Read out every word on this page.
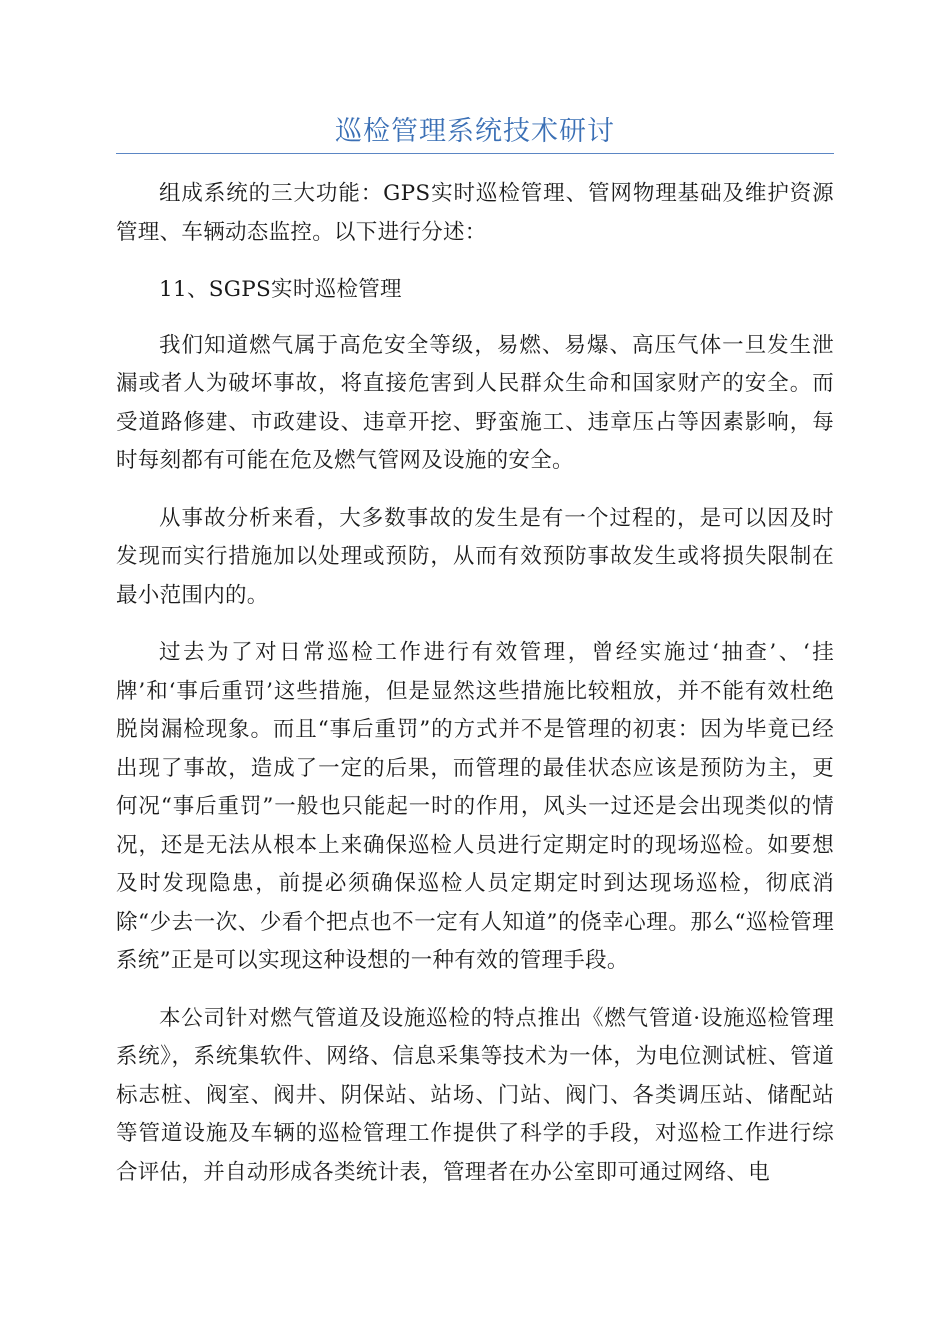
巡检管理系统技术研讨

组成系统的三大功能：GPS实时巡检管理、管网物理基础及维护资源管理、车辆动态监控。以下进行分述：

11、SGPS实时巡检管理

我们知道燃气属于高危安全等级，易燃、易爆、高压气体一旦发生泄漏或者人为破坏事故，将直接危害到人民群众生命和国家财产的安全。而受道路修建、市政建设、违章开挖、野蛮施工、违章压占等因素影响，每时每刻都有可能在危及燃气管网及设施的安全。

从事故分析来看，大多数事故的发生是有一个过程的，是可以因及时发现而实行措施加以处理或预防，从而有效预防事故发生或将损失限制在最小范围内的。

过去为了对日常巡检工作进行有效管理，曾经实施过‘抽查’、‘挂牌’和‘事后重罚’这些措施，但是显然这些措施比较粗放，并不能有效杜绝脱岗漏检现象。而且“事后重罚”的方式并不是管理的初衷：因为毕竟已经出现了事故，造成了一定的后果，而管理的最佳状态应该是预防为主，更何况“事后重罚”一般也只能起一时的作用，风头一过还是会出现类似的情况，还是无法从根本上来确保巡检人员进行定期定时的现场巡检。如要想及时发现隐患，前提必须确保巡检人员定期定时到达现场巡检，彻底消除“少去一次、少看个把点也不一定有人知道”的侥幸心理。那么“巡检管理系统”正是可以实现这种设想的一种有效的管理手段。

本公司针对燃气管道及设施巡检的特点推出《燃气管道·设施巡检管理系统》，系统集软件、网络、信息采集等技术为一体，为电位测试桩、管道标志桩、阀室、阀井、阴保站、站场、门站、阀门、各类调压站、储配站等管道设施及车辆的巡检管理工作提供了科学的手段，对巡检工作进行综合评估，并自动形成各类统计表，管理者在办公室即可通过网络、电
